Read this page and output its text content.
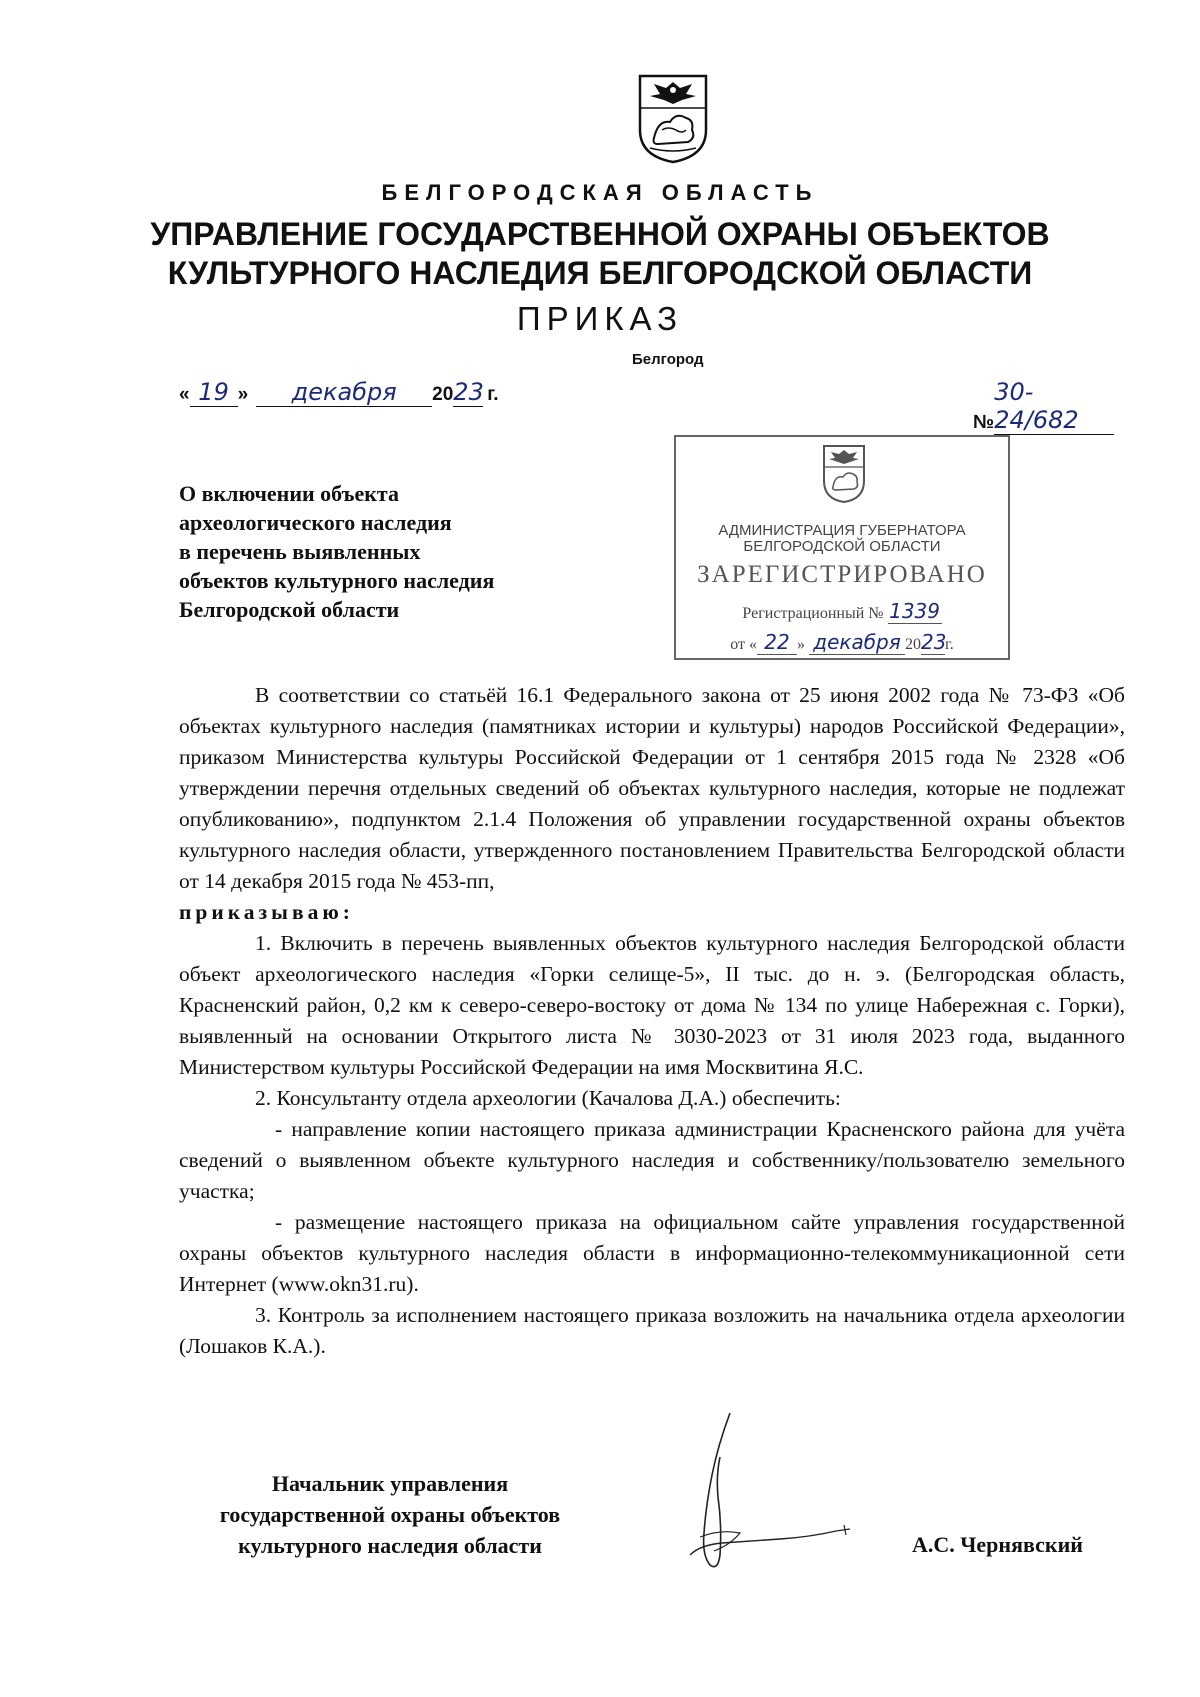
БЕЛГОРОДСКАЯ ОБЛАСТЬ
УПРАВЛЕНИЕ ГОСУДАРСТВЕННОЙ ОХРАНЫ ОБЪЕКТОВ
КУЛЬТУРНОГО НАСЛЕДИЯ БЕЛГОРОДСКОЙ ОБЛАСТИ
ПРИКАЗ
Белгород
« 19 » декабря 2023 г.
№30-24/682
О включении объекта
археологического наследия
в перечень выявленных
объектов культурного наследия
Белгородской области
АДМИНИСТРАЦИЯ ГУБЕРНАТОРА
БЕЛГОРОДСКОЙ ОБЛАСТИ
ЗАРЕГИСТРИРОВАНО
Регистрационный № 1339
от « 22 » декабря 2023г.

В соответствии со статьёй 16.1 Федерального закона от 25 июня 2002 года № 73-ФЗ «Об объектах культурного наследия (памятниках истории и культуры) народов Российской Федерации», приказом Министерства культуры Российской Федерации от 1 сентября 2015 года № 2328 «Об утверждении перечня отдельных сведений об объектах культурного наследия, которые не подлежат опубликованию», подпунктом 2.1.4 Положения об управлении государственной охраны объектов культурного наследия области, утвержденного постановлением Правительства Белгородской области от 14 декабря 2015 года № 453-пп,

приказываю:

1. Включить в перечень выявленных объектов культурного наследия Белгородской области объект археологического наследия «Горки селище-5», II тыс. до н. э. (Белгородская область, Красненский район, 0,2 км к северо-северо-востоку от дома № 134 по улице Набережная с. Горки), выявленный на основании Открытого листа № 3030-2023 от 31 июля 2023 года, выданного Министерством культуры Российской Федерации на имя Москвитина Я.С.

2. Консультанту отдела археологии (Качалова Д.А.) обеспечить:

- направление копии настоящего приказа администрации Красненского района для учёта сведений о выявленном объекте культурного наследия и собственнику/пользователю земельного участка;

- размещение настоящего приказа на официальном сайте управления государственной охраны объектов культурного наследия области в информационно-телекоммуникационной сети Интернет (www.okn31.ru).

3. Контроль за исполнением настоящего приказа возложить на начальника отдела археологии (Лошаков К.А.).

Начальник управления
государственной охраны объектов
культурного наследия области	А.С. Чернявский
